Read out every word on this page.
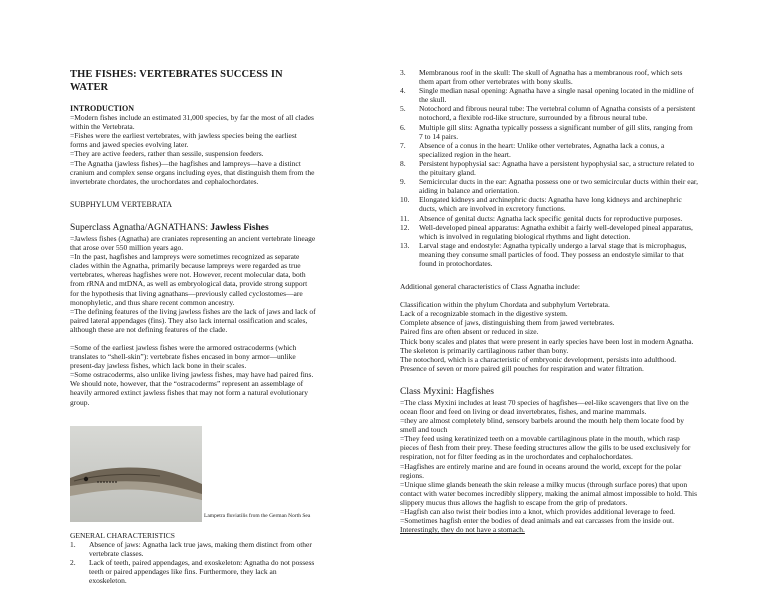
THE FISHES: VERTEBRATES SUCCESS IN WATER

INTRODUCTION

=Modern fishes include an estimated 31,000 species, by far the most of all clades within the Vertebrata.

=Fishes were the earliest vertebrates, with jawless species being the earliest forms and jawed species evolving later.

=They are active feeders, rather than sessile, suspension feeders.

=The Agnatha (jawless fishes)—the hagfishes and lampreys—have a distinct cranium and complex sense organs including eyes, that distinguish them from the invertebrate chordates, the urochordates and cephalochordates.

SUBPHYLUM VERTEBRATA

Superclass Agnatha/AGNATHANS: Jawless Fishes

=Jawless fishes (Agnatha) are craniates representing an ancient vertebrate lineage that arose over 550 million years ago.

=In the past, hagfishes and lampreys were sometimes recognized as separate clades within the Agnatha, primarily because lampreys were regarded as true vertebrates, whereas hagfishes were not. However, recent molecular data, both from rRNA and mtDNA, as well as embryological data, provide strong support for the hypothesis that living agnathans—previously called cyclostomes—are monophyletic, and thus share recent common ancestry.

=The defining features of the living jawless fishes are the lack of jaws and lack of paired lateral appendages (fins). They also lack internal ossification and scales, although these are not defining features of the clade.

=Some of the earliest jawless fishes were the armored ostracoderms (which translates to “shell-skin”): vertebrate fishes encased in bony armor—unlike present-day jawless fishes, which lack bone in their scales.

=Some ostracoderms, also unlike living jawless fishes, may have had paired fins. We should note, however, that the “ostracoderms” represent an assemblage of heavily armored extinct jawless fishes that may not form a natural evolutionary group.

Lampetra fluviatilis from the German North Sea

GENERAL CHARACTERISTICS

1.	Absence of jaws: Agnatha lack true jaws, making them distinct from other vertebrate classes.
2.	Lack of teeth, paired appendages, and exoskeleton: Agnatha do not possess teeth or paired appendages like fins. Furthermore, they lack an exoskeleton.
3.	Membranous roof in the skull: The skull of Agnatha has a membranous roof, which sets them apart from other vertebrates with bony skulls.
4.	Single median nasal opening: Agnatha have a single nasal opening located in the midline of the skull.
5.	Notochord and fibrous neural tube: The vertebral column of Agnatha consists of a persistent notochord, a flexible rod-like structure, surrounded by a fibrous neural tube.
6.	Multiple gill slits: Agnatha typically possess a significant number of gill slits, ranging from 7 to 14 pairs.
7.	Absence of a conus in the heart: Unlike other vertebrates, Agnatha lack a conus, a specialized region in the heart.
8.	Persistent hypophysial sac: Agnatha have a persistent hypophysial sac, a structure related to the pituitary gland.
9.	Semicircular ducts in the ear: Agnatha possess one or two semicircular ducts within their ear, aiding in balance and orientation.
10.	Elongated kidneys and archinephric ducts: Agnatha have long kidneys and archinephric ducts, which are involved in excretory functions.
11.	Absence of genital ducts: Agnatha lack specific genital ducts for reproductive purposes.
12.	Well-developed pineal apparatus: Agnatha exhibit a fairly well-developed pineal apparatus, which is involved in regulating biological rhythms and light detection.
13.	Larval stage and endostyle: Agnatha typically undergo a larval stage that is microphagus, meaning they consume small particles of food. They possess an endostyle similar to that found in protochordates.

Additional general characteristics of Class Agnatha include:

Classification within the phylum Chordata and subphylum Vertebrata.

Lack of a recognizable stomach in the digestive system.

Complete absence of jaws, distinguishing them from jawed vertebrates.

Paired fins are often absent or reduced in size.

Thick bony scales and plates that were present in early species have been lost in modern Agnatha.

The skeleton is primarily cartilaginous rather than bony.

The notochord, which is a characteristic of embryonic development, persists into adulthood.

Presence of seven or more paired gill pouches for respiration and water filtration.

Class Myxini: Hagfishes

=The class Myxini includes at least 70 species of hagfishes—eel-like scavengers that live on the ocean floor and feed on living or dead invertebrates, fishes, and marine mammals.

=they are almost completely blind, sensory barbels around the mouth help them locate food by smell and touch

=They feed using keratinized teeth on a movable cartilaginous plate in the mouth, which rasp pieces of flesh from their prey. These feeding structures allow the gills to be used exclusively for respiration, not for filter feeding as in the urochordates and cephalochordates.

=Hagfishes are entirely marine and are found in oceans around the world, except for the polar regions.

=Unique slime glands beneath the skin release a milky mucus (through surface pores) that upon contact with water becomes incredibly slippery, making the animal almost impossible to hold. This slippery mucus thus allows the hagfish to escape from the grip of predators.

=Hagfish can also twist their bodies into a knot, which provides additional leverage to feed.

=Sometimes hagfish enter the bodies of dead animals and eat carcasses from the inside out.

Interestingly, they do not have a stomach.
